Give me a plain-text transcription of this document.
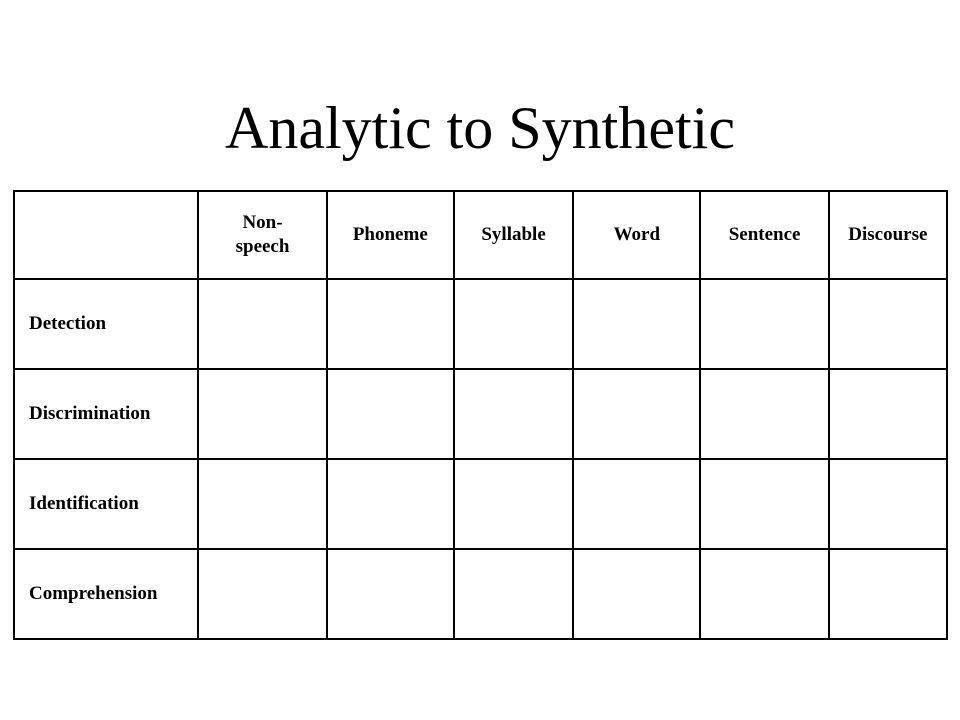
Analytic to Synthetic
	Non-speech	Phoneme	Syllable	Word	Sentence	Discourse
Detection						
Discrimination						
Identification						
Comprehension						
